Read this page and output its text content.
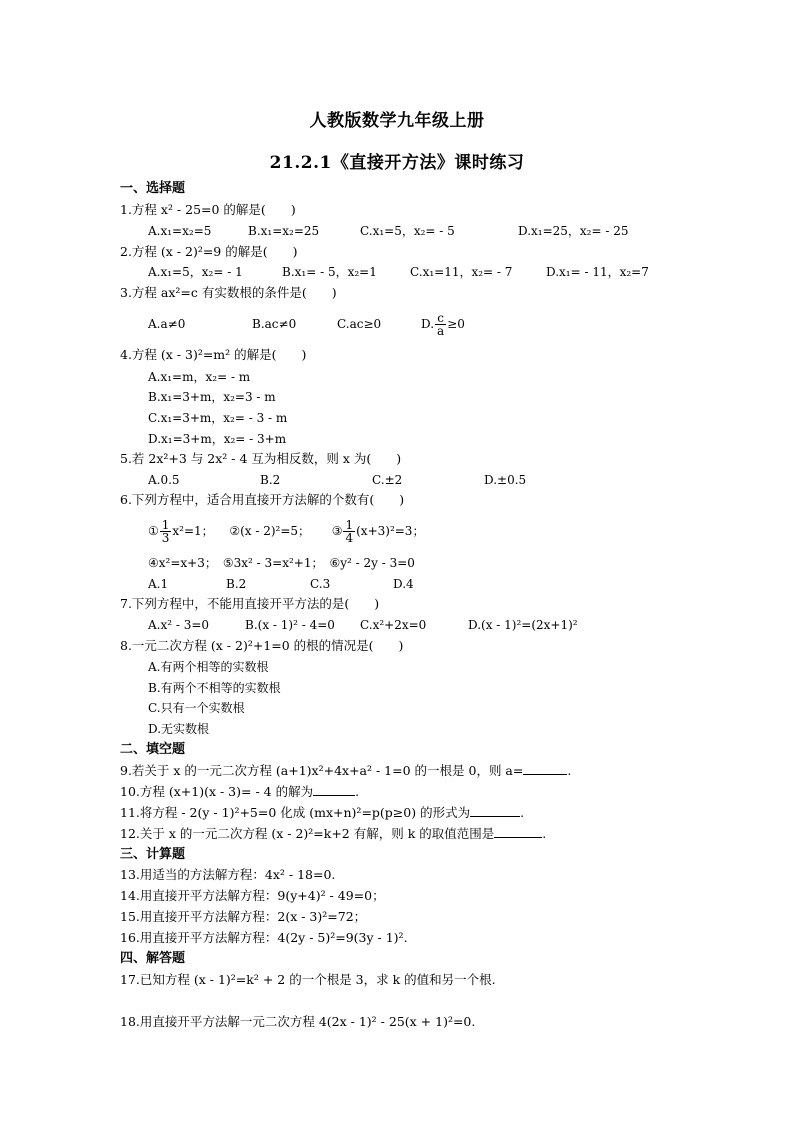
人教版数学九年级上册
21.2.1《直接开方法》课时练习
一、选择题
1.方程 x² - 25=0 的解是(　　)
A.x₁=x₂=5	B.x₁=x₂=25	C.x₁=5，x₂= - 5	D.x₁=25，x₂= - 25
2.方程 (x - 2)²=9 的解是(　　)
A.x₁=5，x₂= - 1	B.x₁= - 5，x₂=1	C.x₁=11，x₂= - 7	D.x₁= - 11，x₂=7
3.方程 ax²=c 有实数根的条件是(　　)
A.a≠0	B.ac≠0	C.ac≥0	D. $\frac{c}{a} \ge 0$
4.方程 (x - 3)²=m² 的解是(　　)
A.x₁=m，x₂= - m
B.x₁=3+m，x₂=3 - m
C.x₁=3+m，x₂= - 3 - m
D.x₁=3+m，x₂= - 3+m
5.若 2x²+3 与 2x² - 4 互为相反数，则 x 为(　　)
A.0.5	B.2	C.±2	D.±0.5
6.下列方程中，适合用直接开方法解的个数有(　　)
① $\frac{1}{3} x^2=1$； ②(x - 2)²=5； ③ $\frac{1}{4} (x+3)^2=3$；
④x²=x+3；　⑤3x² - 3=x²+1；　⑥y² - 2y - 3=0
A.1	B.2	C.3	D.4
7.下列方程中，不能用直接开平方法的是(　　)
A.x² - 3=0	B.(x - 1)² - 4=0 C.x²+2x=0	D.(x - 1)²=(2x+1)²
8.一元二次方程 (x - 2)²+1=0 的根的情况是(　　)
A.有两个相等的实数根
B.有两个不相等的实数根
C.只有一个实数根
D.无实数根
二、填空题
9.若关于 x 的一元二次方程 (a+1)x²+4x+a² - 1=0 的一根是 0，则 a=	.
10.方程 (x+1)(x - 3)= - 4 的解为	.
11.将方程 - 2(y - 1)²+5=0 化成 (mx+n)²=p(p≥0) 的形式为	.
12.关于 x 的一元二次方程 (x - 2)²=k+2 有解，则 k 的取值范围是	.
三、计算题
13.用适当的方法解方程：4x² - 18=0.
14.用直接开平方法解方程：9(y+4)² - 49=0；
15.用直接开平方法解方程：2(x - 3)²=72；
16.用直接开平方法解方程：4(2y - 5)²=9(3y - 1)².
四、解答题
17.已知方程 (x - 1)²=k² + 2 的一个根是 3，求 k 的值和另一个根.
18.用直接开平方法解一元二次方程 4(2x - 1)² - 25(x + 1)²=0.
